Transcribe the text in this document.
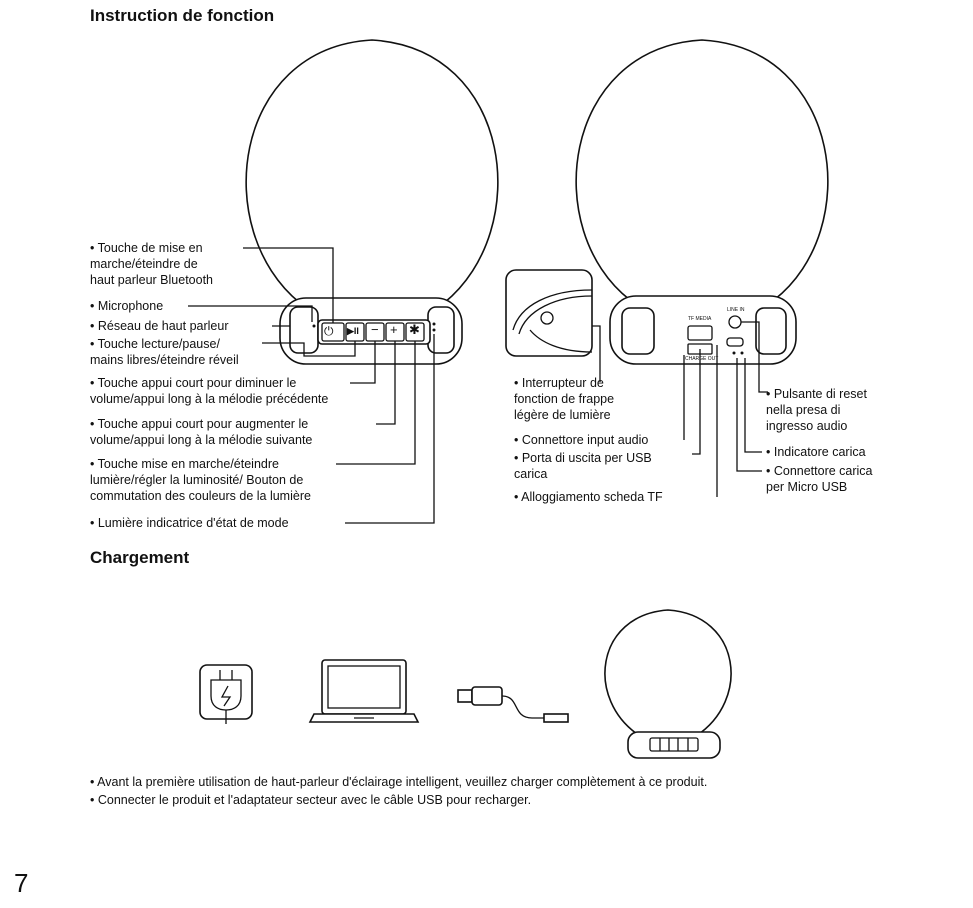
Instruction de fonction
Chargement
⏻ ▶II − + ✱
TF MEDIA
CHARGE OUT
LINE IN
• Touche de mise en
marche/éteindre de
haut parleur Bluetooth
• Microphone
• Réseau de haut parleur
• Touche lecture/pause/
mains libres/éteindre réveil
• Touche appui court pour diminuer le
volume/appui long à la mélodie précédente
• Touche appui court pour augmenter le
volume/appui long à la mélodie suivante
• Touche mise en marche/éteindre
lumière/régler la luminosité/ Bouton de
commutation des couleurs de la lumière
• Lumière indicatrice d'état de mode
• Interrupteur de
fonction de frappe
légère de lumière
• Connettore input audio
• Porta di uscita per USB
carica
• Alloggiamento scheda TF
• Pulsante di reset
nella presa di
ingresso audio
• Indicatore carica
• Connettore carica
per Micro USB
• Avant la première utilisation de haut-parleur d'éclairage intelligent, veuillez charger complètement à ce produit.
• Connecter le produit et l'adaptateur secteur avec le câble USB pour recharger.
7
